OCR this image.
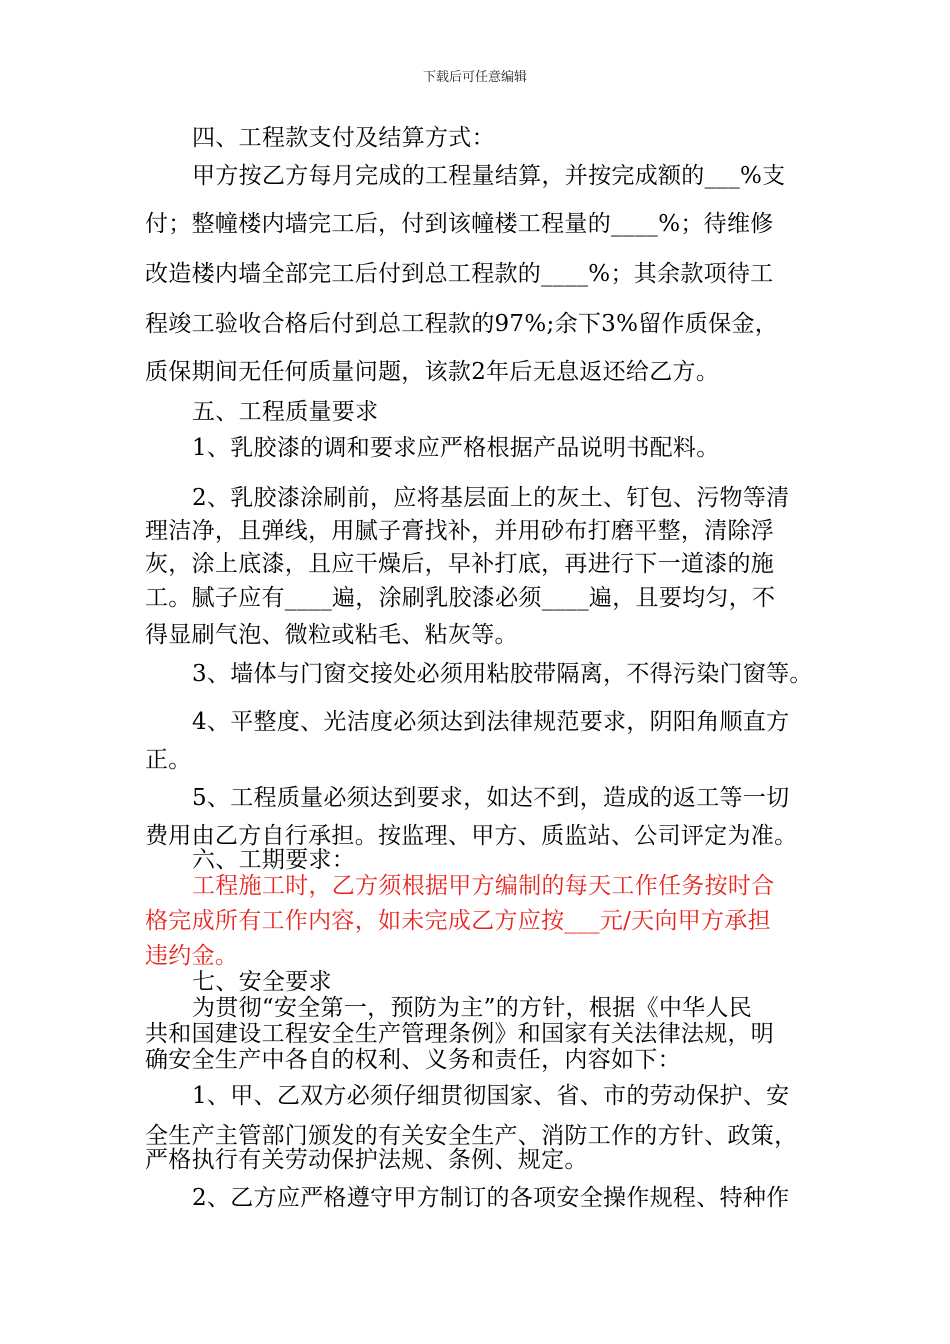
下载后可任意编辑
四、工程款支付及结算方式：
甲方按乙方每月完成的工程量结算，并按完成额的___%支
付；整幢楼内墙完工后，付到该幢楼工程量的____%；待维修
改造楼内墙全部完工后付到总工程款的____%；其余款项待工
程竣工验收合格后付到总工程款的97%;余下3%留作质保金，
质保期间无任何质量问题，该款2年后无息返还给乙方。
五、工程质量要求
1、乳胶漆的调和要求应严格根据产品说明书配料。
2、乳胶漆涂刷前，应将基层面上的灰土、钉包、污物等清
理洁净，且弹线，用腻子膏找补，并用砂布打磨平整，清除浮
灰，涂上底漆，且应干燥后，早补打底，再进行下一道漆的施
工。腻子应有____遍，涂刷乳胶漆必须____遍，且要均匀，不
得显刷气泡、微粒或粘毛、粘灰等。
3、墙体与门窗交接处必须用粘胶带隔离，不得污染门窗等。
4、平整度、光洁度必须达到法律规范要求，阴阳角顺直方
正。
5、工程质量必须达到要求，如达不到，造成的返工等一切
费用由乙方自行承担。按监理、甲方、质监站、公司评定为准。
六、工期要求：
工程施工时，乙方须根据甲方编制的每天工作任务按时合
格完成所有工作内容，如未完成乙方应按___元/天向甲方承担
违约金。
七、安全要求
为贯彻“安全第一，预防为主”的方针，根据《中华人民
共和国建设工程安全生产管理条例》和国家有关法律法规，明
确安全生产中各自的权利、义务和责任，内容如下：
1、甲、乙双方必须仔细贯彻国家、省、市的劳动保护、安
全生产主管部门颁发的有关安全生产、消防工作的方针、政策，
严格执行有关劳动保护法规、条例、规定。
2、乙方应严格遵守甲方制订的各项安全操作规程、特种作
